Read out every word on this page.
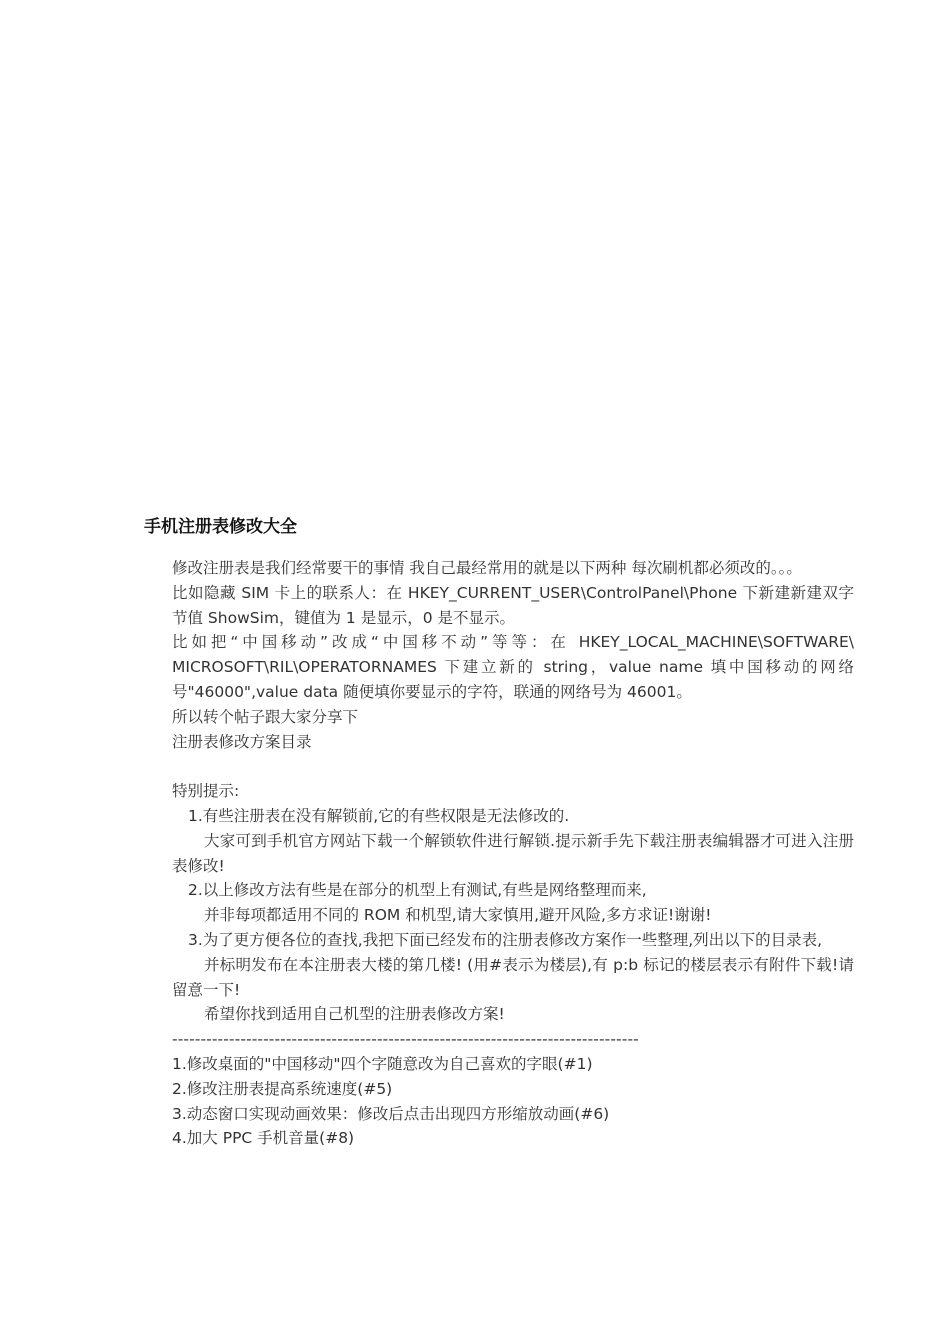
手机注册表修改大全

修改注册表是我们经常要干的事情 我自己最经常用的就是以下两种 每次刷机都必须改的。。。

比如隐藏 SIM 卡上的联系人：在 HKEY_CURRENT_USER\ControlPanel\Phone 下新建新建双字节值 ShowSim，键值为 1 是显示，0 是不显示。

比如把“中国移动”改成“中国移不动”等等：在 HKEY_LOCAL_MACHINE\SOFTWARE\ MICROSOFT\RIL\OPERATORNAMES 下建立新的 string，value name 填中国移动的网络号"46000",value data 随便填你要显示的字符，联通的网络号为 46001。

所以转个帖子跟大家分享下

注册表修改方案目录

特别提示:

1.有些注册表在没有解锁前,它的有些权限是无法修改的.

大家可到手机官方网站下载一个解锁软件进行解锁.提示新手先下载注册表编辑器才可进入注册表修改!

2.以上修改方法有些是在部分的机型上有测试,有些是网络整理而来,

并非每项都适用不同的 ROM 和机型,请大家慎用,避开风险,多方求证!谢谢!

3.为了更方便各位的查找,我把下面已经发布的注册表修改方案作一些整理,列出以下的目录表,

并标明发布在本注册表大楼的第几楼! (用#表示为楼层),有 p:b 标记的楼层表示有附件下载!请留意一下!

希望你找到适用自己机型的注册表修改方案!

----------------------------------------------------------------------------------

1.修改桌面的"中国移动"四个字随意改为自己喜欢的字眼(#1)

2.修改注册表提高系统速度(#5)

3.动态窗口实现动画效果：修改后点击出现四方形缩放动画(#6)

4.加大 PPC 手机音量(#8)
